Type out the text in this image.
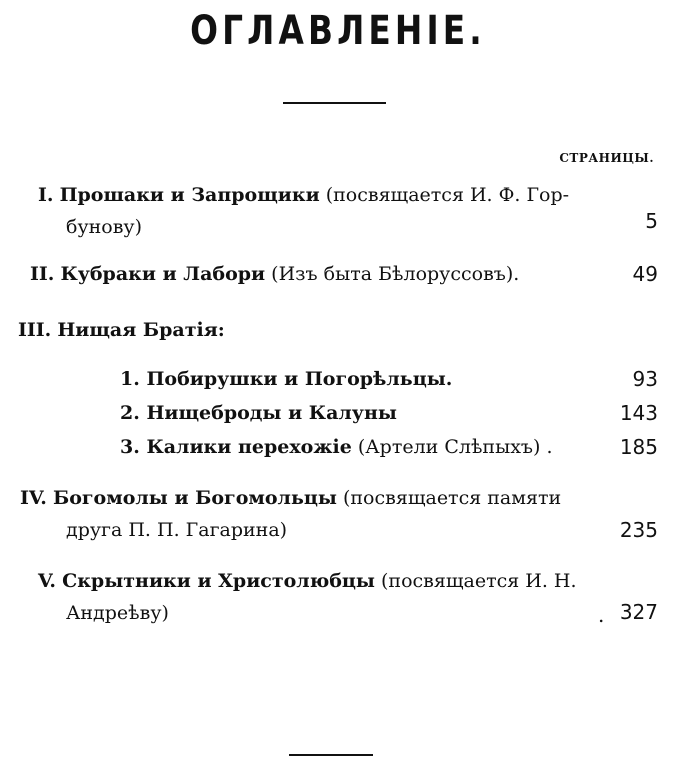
ОГЛАВЛЕНІЕ.
СТРАНИЦЫ.
I. Прошаки и Запрощики (посвящается И. Ф. Гор-
бунову)	5
II. Кубраки и Лабори (Изъ быта Бѣлоруссовъ).	49
III. Нищая Братія:
1. Побирушки и Погорѣльцы.	93
2. Нищеброды и Калуны	143
3. Калики перехожіе (Артели Слѣпыхъ) .	185
IV. Богомолы и Богомольцы (посвящается памяти
друга П. П. Гагарина)	235
V. Скрытники и Христолюбцы (посвящается И. Н.
Андреѣву)	. 327
